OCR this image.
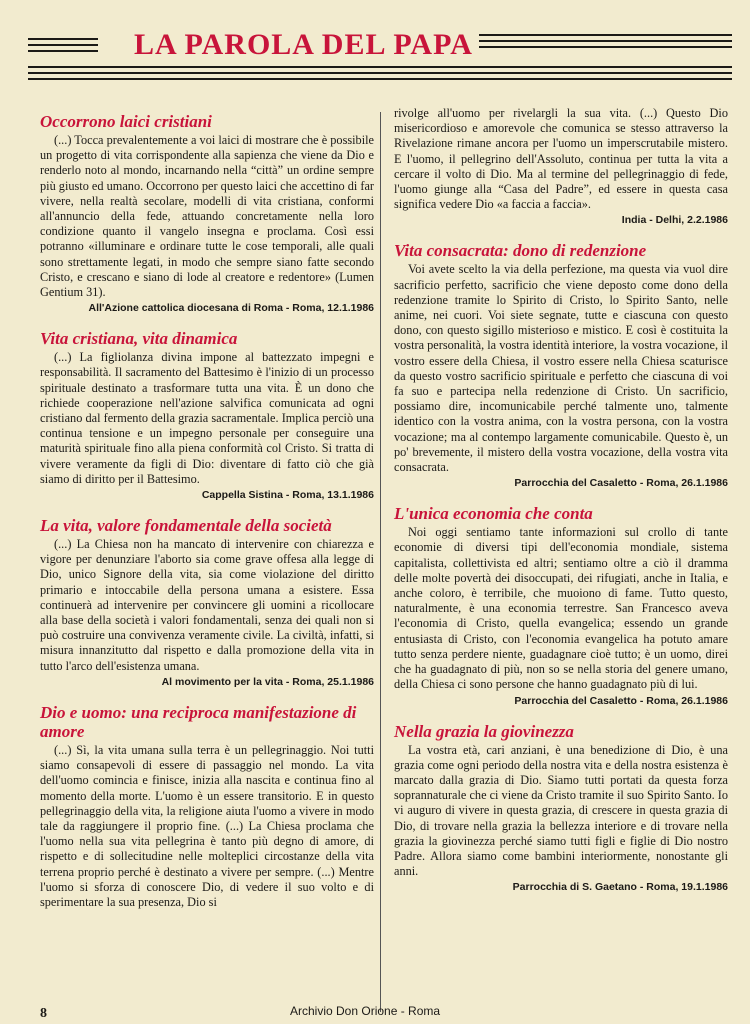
LA PAROLA DEL PAPA
Occorrono laici cristiani

(...) Tocca prevalentemente a voi laici di mostrare che è possibile un progetto di vita corrispondente alla sapienza che viene da Dio e renderlo noto al mondo, incarnando nella “città” un ordine sempre più giusto ed umano. Occorrono per questo laici che accettino di far vivere, nella realtà secolare, modelli di vita cristiana, conformi all'annuncio della fede, attuando concretamente nella loro condizione quanto il vangelo insegna e proclama. Così essi potranno «illuminare e ordinare tutte le cose temporali, alle quali sono strettamente legati, in modo che sempre siano fatte secondo Cristo, e crescano e siano di lode al creatore e redentore» (Lumen Gentium 31).

All'Azione cattolica diocesana di Roma - Roma, 12.1.1986
Vita cristiana, vita dinamica

(...) La figliolanza divina impone al battezzato impegni e responsabilità. Il sacramento del Battesimo è l'inizio di un processo spirituale destinato a trasformare tutta una vita. È un dono che richiede cooperazione nell'azione salvifica comunicata ad ogni cristiano dal fermento della grazia sacramentale. Implica perciò una continua tensione e un impegno personale per conseguire una maturità spirituale fino alla piena conformità col Cristo. Si tratta di vivere veramente da figli di Dio: diventare di fatto ciò che già siamo di diritto per il Battesimo.

Cappella Sistina - Roma, 13.1.1986
La vita, valore fondamentale della società

(...) La Chiesa non ha mancato di intervenire con chiarezza e vigore per denunziare l'aborto sia come grave offesa alla legge di Dio, unico Signore della vita, sia come violazione del diritto primario e intoccabile della persona umana a esistere. Essa continuerà ad intervenire per convincere gli uomini a ricollocare alla base della società i valori fondamentali, senza dei quali non si può costruire una convivenza veramente civile. La civiltà, infatti, si misura innanzitutto dal rispetto e dalla promozione della vita in tutto l'arco dell'esistenza umana.

Al movimento per la vita - Roma, 25.1.1986
Dio e uomo: una reciproca manifestazione di amore

(...) Sì, la vita umana sulla terra è un pellegrinaggio. Noi tutti siamo consapevoli di essere di passaggio nel mondo. La vita dell'uomo comincia e finisce, inizia alla nascita e continua fino al momento della morte. L'uomo è un essere transitorio. E in questo pellegrinaggio della vita, la religione aiuta l'uomo a vivere in modo tale da raggiungere il proprio fine. (...) La Chiesa proclama che l'uomo nella sua vita pellegrina è tanto più degno di amore, di rispetto e di sollecitudine nelle molteplici circostanze della vita terrena proprio perché è destinato a vivere per sempre. (...) Mentre l'uomo si sforza di conoscere Dio, di vedere il suo volto e di sperimentare la sua presenza, Dio si

rivolge all'uomo per rivelargli la sua vita. (...) Questo Dio misericordioso e amorevole che comunica se stesso attraverso la Rivelazione rimane ancora per l'uomo un imperscrutabile mistero. E l'uomo, il pellegrino dell'Assoluto, continua per tutta la vita a cercare il volto di Dio. Ma al termine del pellegrinaggio di fede, l'uomo giunge alla “Casa del Padre”, ed essere in questa casa significa vedere Dio «a faccia a faccia».

India - Delhi, 2.2.1986
Vita consacrata: dono di redenzione

Voi avete scelto la via della perfezione, ma questa via vuol dire sacrificio perfetto, sacrificio che viene deposto come dono della redenzione tramite lo Spirito di Cristo, lo Spirito Santo, nelle anime, nei cuori. Voi siete segnate, tutte e ciascuna con questo dono, con questo sigillo misterioso e mistico. E così è costituita la vostra personalità, la vostra identità interiore, la vostra vocazione, il vostro essere della Chiesa, il vostro essere nella Chiesa scaturisce da questo vostro sacrificio spirituale e perfetto che ciascuna di voi fa suo e partecipa nella redenzione di Cristo. Un sacrificio, possiamo dire, incomunicabile perché talmente uno, talmente identico con la vostra anima, con la vostra persona, con la vostra vocazione; ma al contempo largamente comunicabile. Questo è, un po' brevemente, il mistero della vostra vocazione, della vostra vita consacrata.

Parrocchia del Casaletto - Roma, 26.1.1986
L'unica economia che conta

Noi oggi sentiamo tante informazioni sul crollo di tante economie di diversi tipi dell'economia mondiale, sistema capitalista, collettivista ed altri; sentiamo oltre a ciò il dramma delle molte povertà dei disoccupati, dei rifugiati, anche in Italia, e anche coloro, è terribile, che muoiono di fame. Tutto questo, naturalmente, è una economia terrestre. San Francesco aveva l'economia di Cristo, quella evangelica; essendo un grande entusiasta di Cristo, con l'economia evangelica ha potuto amare tutto senza perdere niente, guadagnare cioè tutto; è un uomo, direi che ha guadagnato di più, non so se nella storia del genere umano, della Chiesa ci sono persone che hanno guadagnato più di lui.

Parrocchia del Casaletto - Roma, 26.1.1986
Nella grazia la giovinezza

La vostra età, cari anziani, è una benedizione di Dio, è una grazia come ogni periodo della nostra vita e della nostra esistenza è marcato dalla grazia di Dio. Siamo tutti portati da questa forza soprannaturale che ci viene da Cristo tramite il suo Spirito Santo. Io vi auguro di vivere in questa grazia, di crescere in questa grazia di Dio, di trovare nella grazia la bellezza interiore e di trovare nella grazia la giovinezza perché siamo tutti figli e figlie di Dio nostro Padre. Allora siamo come bambini interiormente, nonostante gli anni.

Parrocchia di S. Gaetano - Roma, 19.1.1986
8	Archivio Don Orione - Roma
